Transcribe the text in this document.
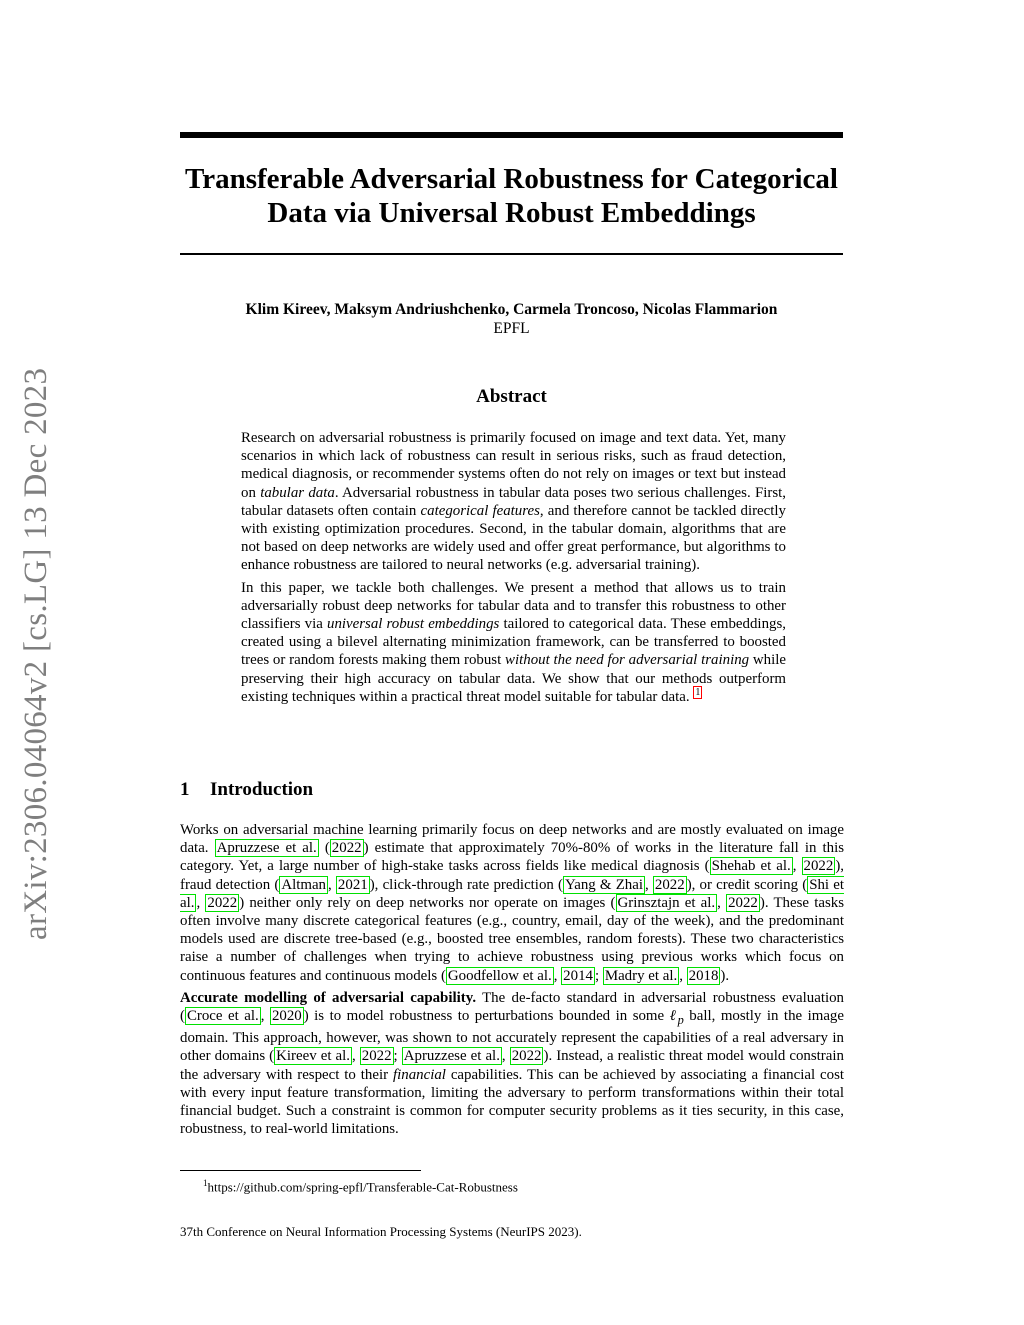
arXiv:2306.04064v2 [cs.LG] 13 Dec 2023
Transferable Adversarial Robustness for Categorical
Data via Universal Robust Embeddings
Klim Kireev, Maksym Andriushchenko, Carmela Troncoso, Nicolas Flammarion
EPFL
Abstract

Research on adversarial robustness is primarily focused on image and text data. Yet, many scenarios in which lack of robustness can result in serious risks, such as fraud detection, medical diagnosis, or recommender systems often do not rely on images or text but instead on tabular data. Adversarial robustness in tabular data poses two serious challenges. First, tabular datasets often contain categorical features, and therefore cannot be tackled directly with existing optimization procedures. Second, in the tabular domain, algorithms that are not based on deep networks are widely used and offer great performance, but algorithms to enhance robustness are tailored to neural networks (e.g. adversarial training).

In this paper, we tackle both challenges. We present a method that allows us to train adversarially robust deep networks for tabular data and to transfer this robustness to other classifiers via universal robust embeddings tailored to categorical data. These embeddings, created using a bilevel alternating minimization framework, can be transferred to boosted trees or random forests making them robust without the need for adversarial training while preserving their high accuracy on tabular data. We show that our methods outperform existing techniques within a practical threat model suitable for tabular data. $^1$

1 Introduction

Works on adversarial machine learning primarily focus on deep networks and are mostly evaluated on image data. Apruzzese et al. ( 2022 ) estimate that approximately 70%-80% of works in the literature fall in this category. Yet, a large number of high-stake tasks across fields like medical diagnosis ( Shehab et al. , 2022 ), fraud detection ( Altman , 2021 ), click-through rate prediction ( Yang & Zhai , 2022 ), or credit scoring ( Shi et al. , 2022 ) neither only rely on deep networks nor operate on images ( Grinsztajn et al. , 2022 ). These tasks often involve many discrete categorical features (e.g., country, email, day of the week), and the predominant models used are discrete tree-based (e.g., boosted tree ensembles, random forests). These two characteristics raise a number of challenges when trying to achieve robustness using previous works which focus on continuous features and continuous models ( Goodfellow et al. , 2014 ; Madry et al. , 2018 ).

Accurate modelling of adversarial capability. The de-facto standard in adversarial robustness evaluation ( Croce et al. , 2020 ) is to model robustness to perturbations bounded in some ℓ$_p$ ball, mostly in the image domain. This approach, however, was shown to not accurately represent the capabilities of a real adversary in other domains ( Kireev et al. , 2022 ; Apruzzese et al. , 2022 ). Instead, a realistic threat model would constrain the adversary with respect to their financial capabilities. This can be achieved by associating a financial cost with every input feature transformation, limiting the adversary to perform transformations within their total financial budget. Such a constraint is common for computer security problems as it ties security, in this case, robustness, to real-world limitations.

$^1$https://github.com/spring-epfl/Transferable-Cat-Robustness
37th Conference on Neural Information Processing Systems (NeurIPS 2023).
